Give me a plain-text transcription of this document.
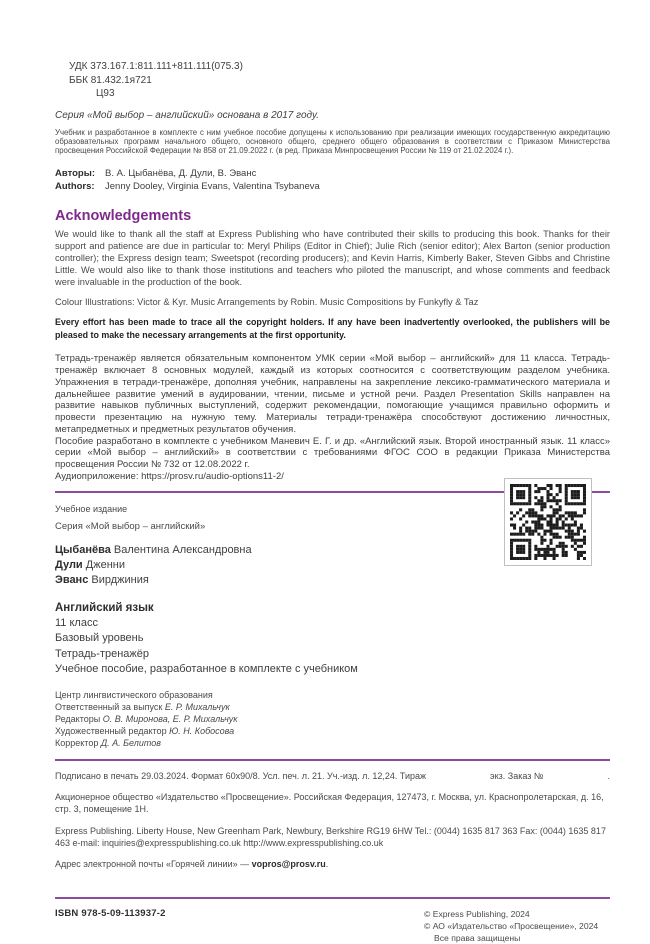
УДК 373.167.1:811.111+811.111(075.3)
ББК 81.432.1я721
Ц93
Серия «Мой выбор – английский» основана в 2017 году.
Учебник и разработанное в комплекте с ним учебное пособие допущены к использованию при реализации имеющих государственную аккредитацию образовательных программ начального общего, основного общего, среднего общего образования в соответствии с Приказом Министерства просвещения Российской Федерации № 858 от 21.09.2022 г. (в ред. Приказа Минпросвещения России № 119 от 21.02.2024 г.).
Авторы: В. А. Цыбанёва, Д. Дули, В. Эванс
Authors: Jenny Dooley, Virginia Evans, Valentina Tsybaneva
Acknowledgements
We would like to thank all the staff at Express Publishing who have contributed their skills to producing this book. Thanks for their support and patience are due in particular to: Meryl Philips (Editor in Chief); Julie Rich (senior editor); Alex Barton (senior production controller); the Express design team; Sweetspot (recording producers); and Kevin Harris, Kimberly Baker, Steven Gibbs and Christine Little. We would also like to thank those institutions and teachers who piloted the manuscript, and whose comments and feedback were invaluable in the production of the book.
Colour Illustrations: Victor & Kyr. Music Arrangements by Robin. Music Compositions by Funkyfly & Taz
Every effort has been made to trace all the copyright holders. If any have been inadvertently overlooked, the publishers will be pleased to make the necessary arrangements at the first opportunity.
Тетрадь-тренажёр является обязательным компонентом УМК серии «Мой выбор – английский» для 11 класса. Тетрадь-тренажёр включает 8 основных модулей, каждый из которых соотносится с соответствующим разделом учебника. Упражнения в тетради-тренажёре, дополняя учебник, направлены на закрепление лексико-грамматического материала и дальнейшее развитие умений в аудировании, чтении, письме и устной речи. Раздел Presentation Skills направлен на развитие навыков публичных выступлений, содержит рекомендации, помогающие учащимся правильно оформить и провести презентацию на нужную тему. Материалы тетради-тренажёра способствуют достижению личностных, метапредметных и предметных результатов обучения.
Пособие разработано в комплекте с учебником Маневич Е. Г. и др. «Английский язык. Второй иностранный язык. 11 класс» серии «Мой выбор – английский» в соответствии с требованиями ФГОС СОО в редакции Приказа Министерства просвещения России № 732 от 12.08.2022 г.
Аудиоприложение: https://prosv.ru/audio-options11-2/
Учебное издание
Серия «Мой выбор – английский»
Цыбанёва Валентина Александровна
Дули Дженни
Эванс Вирджиния
Английский язык
11 класс
Базовый уровень
Тетрадь-тренажёр
Учебное пособие, разработанное в комплекте с учебником
Центр лингвистического образования
Ответственный за выпуск Е. Р. Михальчук
Редакторы О. В. Миронова, Е. Р. Михальчук
Художественный редактор Ю. Н. Кобосова
Корректор Д. А. Белитов
Подписано в печать 29.03.2024. Формат 60х90/8. Усл. печ. л. 21. Уч.-изд. л. 12,24. Тираж	экз. Заказ №	.
Акционерное общество «Издательство «Просвещение». Российская Федерация, 127473, г. Москва, ул. Краснопролетарская, д. 16, стр. 3, помещение 1Н.
Express Publishing. Liberty House, New Greenham Park, Newbury, Berkshire RG19 6HW Tel.: (0044) 1635 817 363 Fax: (0044) 1635 817 463 e-mail: inquiries@expresspublishing.co.uk http://www.expresspublishing.co.uk
Адрес электронной почты «Горячей линии» — vopros@prosv.ru.
ISBN 978-5-09-113937-2	© Express Publishing, 2024
© АО «Издательство «Просвещение», 2024
Все права защищены
